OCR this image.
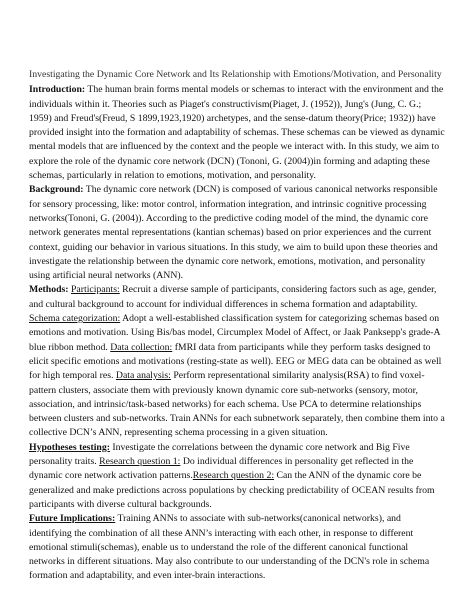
Investigating the Dynamic Core Network and Its Relationship with Emotions/Motivation, and Personality

Introduction: The human brain forms mental models or schemas to interact with the environment and the individuals within it. Theories such as Piaget's constructivism(Piaget, J. (1952)), Jung's (Jung, C. G.; 1959) and Freud's(Freud, S 1899,1923,1920) archetypes, and the sense-datum theory(Price; 1932)) have provided insight into the formation and adaptability of schemas. These schemas can be viewed as dynamic mental models that are influenced by the context and the people we interact with. In this study, we aim to explore the role of the dynamic core network (DCN) (Tononi, G. (2004))in forming and adapting these schemas, particularly in relation to emotions, motivation, and personality.

Background: The dynamic core network (DCN) is composed of various canonical networks responsible for sensory processing, like: motor control, information integration, and intrinsic cognitive processing networks(Tononi, G. (2004)). According to the predictive coding model of the mind, the dynamic core network generates mental representations (kantian schemas) based on prior experiences and the current context, guiding our behavior in various situations. In this study, we aim to build upon these theories and investigate the relationship between the dynamic core network, emotions, motivation, and personality using artificial neural networks (ANN).

Methods: Participants: Recruit a diverse sample of participants, considering factors such as age, gender, and cultural background to account for individual differences in schema formation and adaptability. Schema categorization: Adopt a well-established classification system for categorizing schemas based on emotions and motivation. Using Bis/bas model, Circumplex Model of Affect, or Jaak Panksepp's grade-A blue ribbon method. Data collection: fMRI data from participants while they perform tasks designed to elicit specific emotions and motivations (resting-state as well). EEG or MEG data can be obtained as well for high temporal res. Data analysis: Perform representational similarity analysis(RSA) to find voxel-pattern clusters, associate them with previously known dynamic core sub-networks (sensory, motor, association, and intrinsic/task-based networks) for each schema. Use PCA to determine relationships between clusters and sub-networks. Train ANNs for each subnetwork separately, then combine them into a collective DCN’s ANN, representing schema processing in a given situation.

Hypotheses testing: Investigate the correlations between the dynamic core network and Big Five personality traits. Research question 1: Do individual differences in personality get reflected in the dynamic core network activation patterns.Research question 2: Can the ANN of the dynamic core be generalized and make predictions across populations by checking predictability of OCEAN results from participants with diverse cultural backgrounds.

Future Implications: Training ANNs to associate with sub-networks(canonical networks), and identifying the combination of all these ANN’s interacting with each other, in response to different emotional stimuli(schemas), enable us to understand the role of the different canonical functional networks in different situations. May also contribute to our understanding of the DCN's role in schema formation and adaptability, and even inter-brain interactions.
